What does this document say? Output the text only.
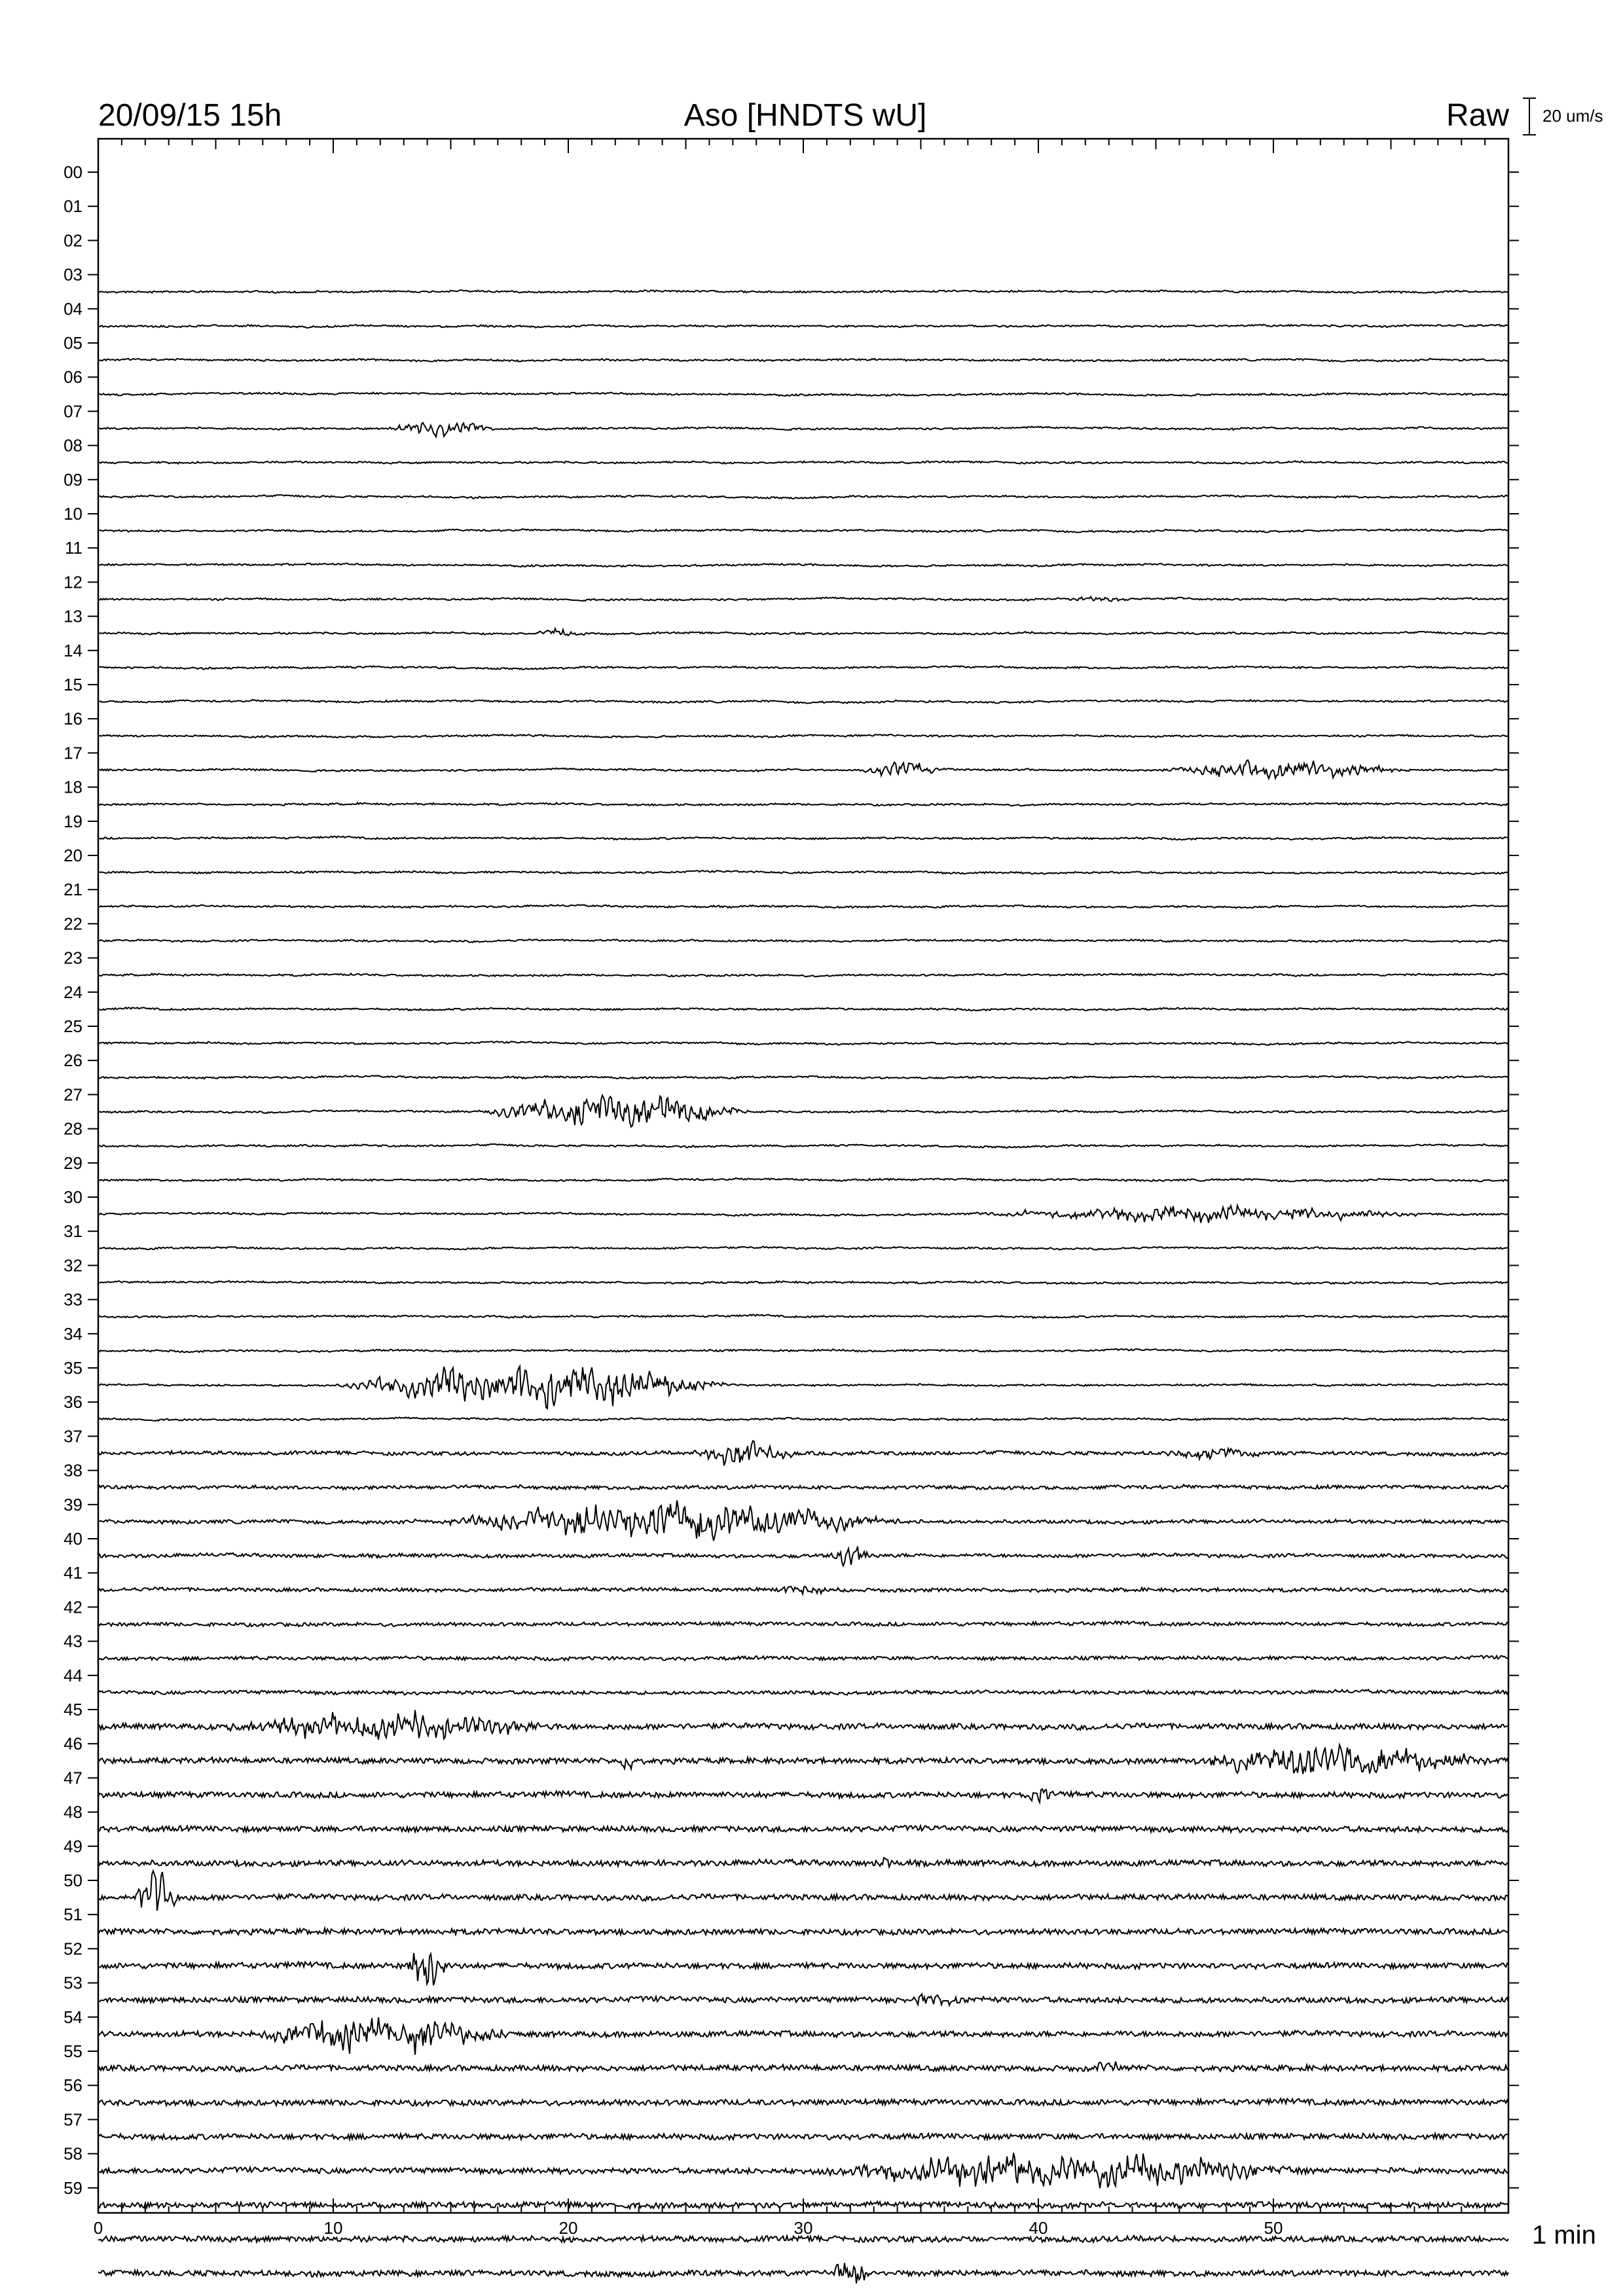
20/09/15 15h	Aso [HNDTS wU]	Raw 20 um/s
00
01
02
03
04
05
06
07
08
09
10
11
12
13
14
15
16
17
18
19
20
21
22
23
24
25
26
27
28
29
30
31
32
33
34
35
36
37
38
39
40
41
42
43
44
45
46
47
48
49
50
51
52
53
54
55
56
57
58
59
0	10	20	30	40	50	1 min
